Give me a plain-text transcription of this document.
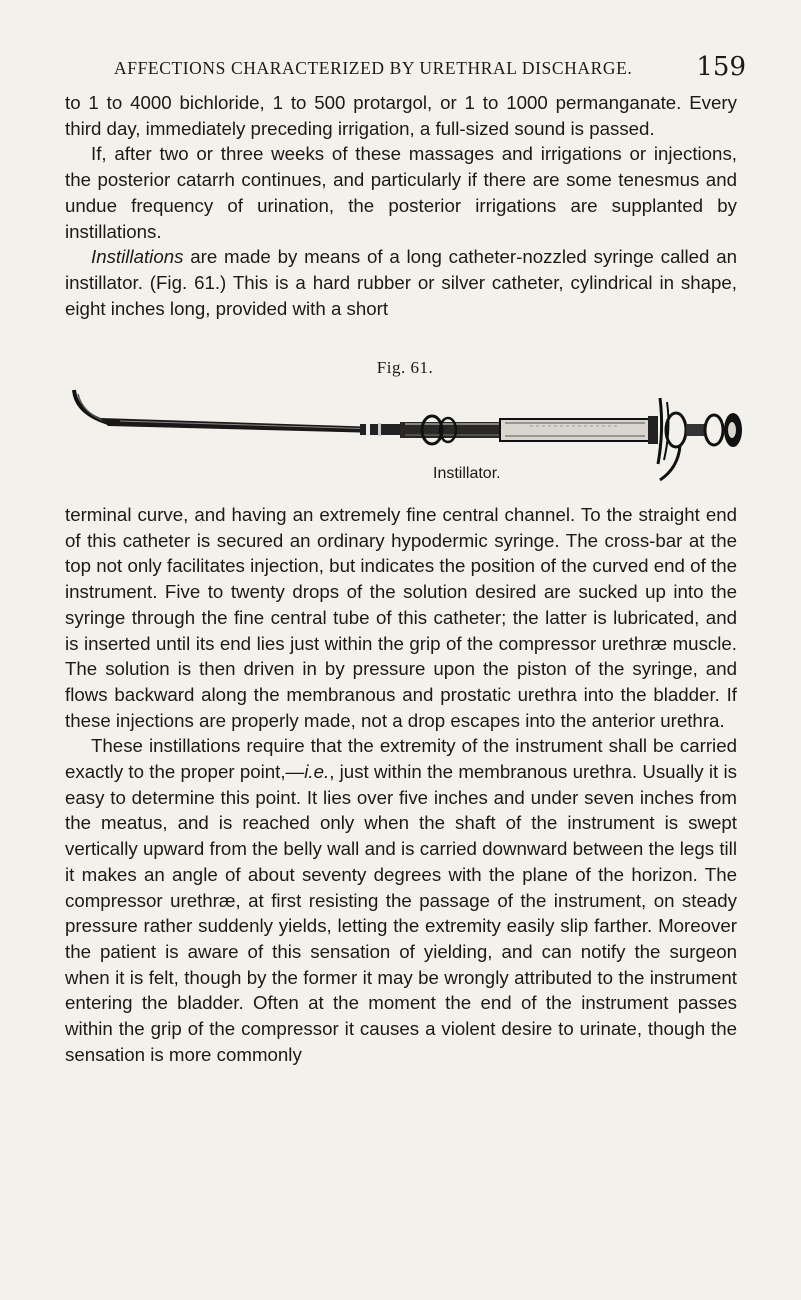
AFFECTIONS CHARACTERIZED BY URETHRAL DISCHARGE. 159

to 1 to 4000 bichloride, 1 to 500 protargol, or 1 to 1000 permanganate. Every third day, immediately preceding irrigation, a full-sized sound is passed.

If, after two or three weeks of these massages and irrigations or injections, the posterior catarrh continues, and particularly if there are some tenesmus and undue frequency of urination, the posterior irrigations are supplanted by instillations.

Instillations are made by means of a long catheter-nozzled syringe called an instillator. (Fig. 61.) This is a hard rubber or silver catheter, cylindrical in shape, eight inches long, provided with a short

Fig. 61.
Instillator.

terminal curve, and having an extremely fine central channel. To the straight end of this catheter is secured an ordinary hypodermic syringe. The cross-bar at the top not only facilitates injection, but indicates the position of the curved end of the instrument. Five to twenty drops of the solution desired are sucked up into the syringe through the fine central tube of this catheter; the latter is lubricated, and is inserted until its end lies just within the grip of the compressor urethræ muscle. The solution is then driven in by pressure upon the piston of the syringe, and flows backward along the membranous and prostatic urethra into the bladder. If these injections are properly made, not a drop escapes into the anterior urethra.

These instillations require that the extremity of the instrument shall be carried exactly to the proper point,—i.e., just within the membranous urethra. Usually it is easy to determine this point. It lies over five inches and under seven inches from the meatus, and is reached only when the shaft of the instrument is swept vertically upward from the belly wall and is carried downward between the legs till it makes an angle of about seventy degrees with the plane of the horizon. The compressor urethræ, at first resisting the passage of the instrument, on steady pressure rather suddenly yields, letting the extremity easily slip farther. Moreover the patient is aware of this sensation of yielding, and can notify the surgeon when it is felt, though by the former it may be wrongly attributed to the instrument entering the bladder. Often at the moment the end of the instrument passes within the grip of the compressor it causes a violent desire to urinate, though the sensation is more commonly
